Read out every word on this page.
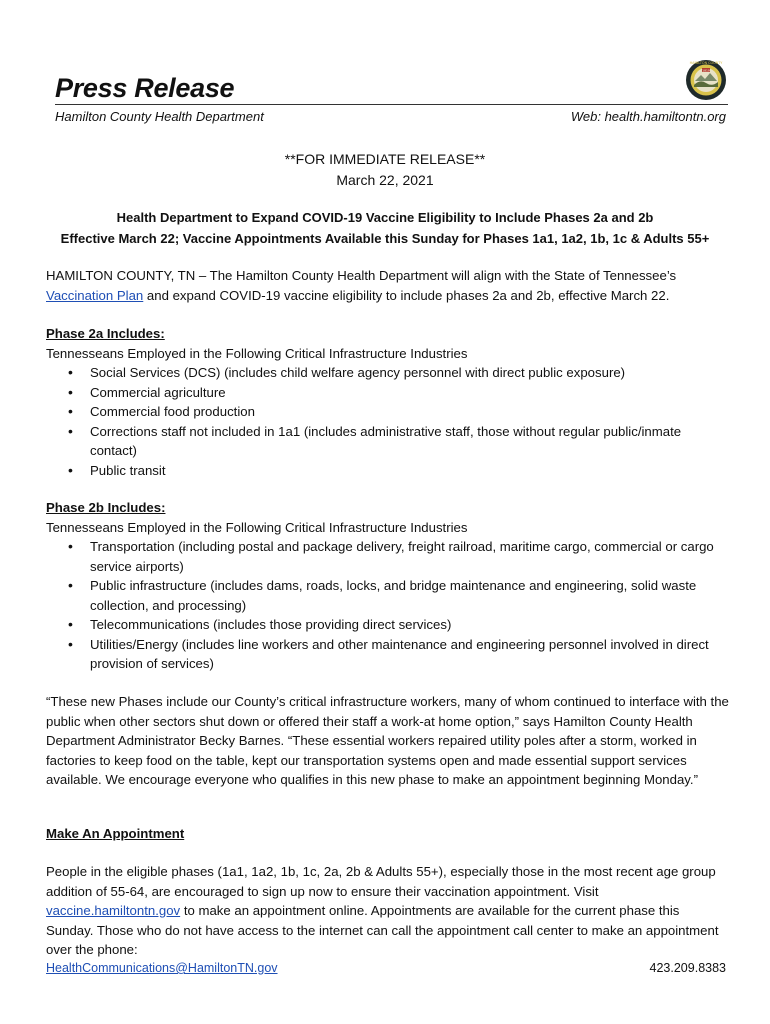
Press Release
1819
HAMILTON COUNTY
Hamilton County Health Department	Web: health.hamiltontn.org
**FOR IMMEDIATE RELEASE**
March 22, 2021
Health Department to Expand COVID-19 Vaccine Eligibility to Include Phases 2a and 2b
Effective March 22; Vaccine Appointments Available this Sunday for Phases 1a1, 1a2, 1b, 1c & Adults 55+

HAMILTON COUNTY, TN – The Hamilton County Health Department will align with the State of Tennessee’s Vaccination Plan and expand COVID-19 vaccine eligibility to include phases 2a and 2b, effective March 22.

Phase 2a Includes:

Tennesseans Employed in the Following Critical Infrastructure Industries

• Social Services (DCS) (includes child welfare agency personnel with direct public exposure)
• Commercial agriculture
• Commercial food production
• Corrections staff not included in 1a1 (includes administrative staff, those without regular public/inmate contact)
• Public transit

Phase 2b Includes:

Tennesseans Employed in the Following Critical Infrastructure Industries

• Transportation (including postal and package delivery, freight railroad, maritime cargo, commercial or cargo service airports)
• Public infrastructure (includes dams, roads, locks, and bridge maintenance and engineering, solid waste collection, and processing)
• Telecommunications (includes those providing direct services)
• Utilities/Energy (includes line workers and other maintenance and engineering personnel involved in direct provision of services)

“These new Phases include our County’s critical infrastructure workers, many of whom continued to interface with the public when other sectors shut down or offered their staff a work-at home option,” says Hamilton County Health Department Administrator Becky Barnes. “These essential workers repaired utility poles after a storm, worked in factories to keep food on the table, kept our transportation systems open and made essential support services available. We encourage everyone who qualifies in this new phase to make an appointment beginning Monday.”

Make An Appointment

People in the eligible phases (1a1, 1a2, 1b, 1c, 2a, 2b & Adults 55+), especially those in the most recent age group addition of 55-64, are encouraged to sign up now to ensure their vaccination appointment. Visit vaccine.hamiltontn.gov to make an appointment online. Appointments are available for the current phase this Sunday. Those who do not have access to the internet can call the appointment call center to make an appointment over the phone:

HealthCommunications@HamiltonTN.gov	423.209.8383
